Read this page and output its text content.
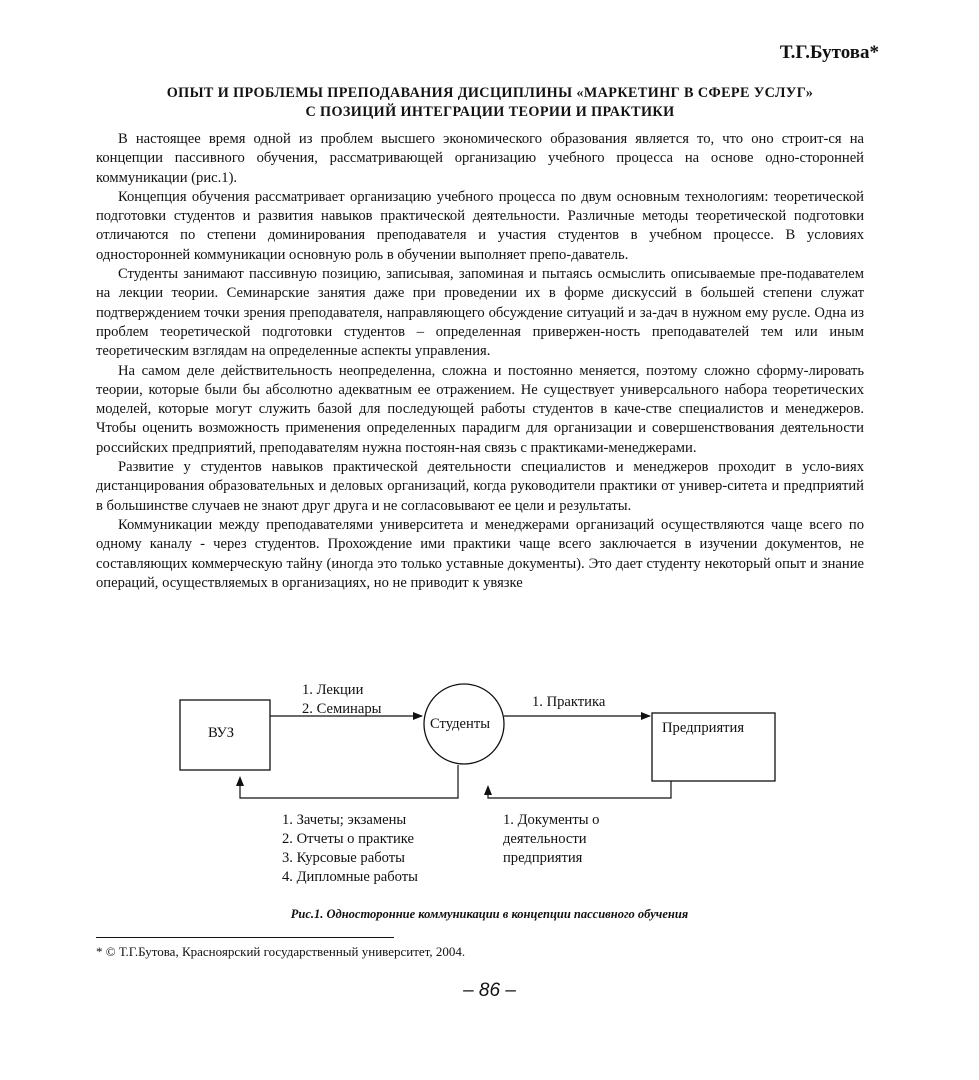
Т.Г.Бутова*
ОПЫТ И ПРОБЛЕМЫ ПРЕПОДАВАНИЯ ДИСЦИПЛИНЫ «МАРКЕТИНГ В СФЕРЕ УСЛУГ»
С ПОЗИЦИЙ ИНТЕГРАЦИИ ТЕОРИИ И ПРАКТИКИ

В настоящее время одной из проблем высшего экономического образования является то, что оно строит-ся на концепции пассивного обучения, рассматривающей организацию учебного процесса на основе одно-сторонней коммуникации (рис.1).

Концепция обучения рассматривает организацию учебного процесса по двум основным технологиям: теоретической подготовки студентов и развития навыков практической деятельности. Различные методы теоретической подготовки отличаются по степени доминирования преподавателя и участия студентов в учебном процессе. В условиях односторонней коммуникации основную роль в обучении выполняет препо-даватель.

Студенты занимают пассивную позицию, записывая, запоминая и пытаясь осмыслить описываемые пре-подавателем на лекции теории. Семинарские занятия даже при проведении их в форме дискуссий в большей степени служат подтверждением точки зрения преподавателя, направляющего обсуждение ситуаций и за-дач в нужном ему русле. Одна из проблем теоретической подготовки студентов – определенная привержен-ность преподавателей тем или иным теоретическим взглядам на определенные аспекты управления.

На самом деле действительность неопределенна, сложна и постоянно меняется, поэтому сложно сформу-лировать теории, которые были бы абсолютно адекватным ее отражением. Не существует универсального набора теоретических моделей, которые могут служить базой для последующей работы студентов в каче-стве специалистов и менеджеров. Чтобы оценить возможность применения определенных парадигм для организации и совершенствования деятельности российских предприятий, преподавателям нужна постоян-ная связь с практиками-менеджерами.

Развитие у студентов навыков практической деятельности специалистов и менеджеров проходит в усло-виях дистанцирования образовательных и деловых организаций, когда руководители практики от универ-ситета и предприятий в большинстве случаев не знают друг друга и не согласовывают ее цели и результаты.

Коммуникации между преподавателями университета и менеджерами организаций осуществляются чаще всего по одному каналу - через студентов. Прохождение ими практики чаще всего заключается в изучении документов, не составляющих коммерческую тайну (иногда это только уставные документы). Это дает студенту некоторый опыт и знание операций, осуществляемых в организациях, но не приводит к увязке

ВУЗ
Студенты	Предприятия
1. Лекции
2. Семинары	1. Практика
1. Зачеты; экзамены
2. Отчеты о практике
3. Курсовые работы
4. Дипломные работы
1. Документы о
деятельности
предприятия
Рис.1. Односторонние коммуникации в концепции пассивного обучения
* © Т.Г.Бутова, Красноярский государственный университет, 2004.
– 86 –
